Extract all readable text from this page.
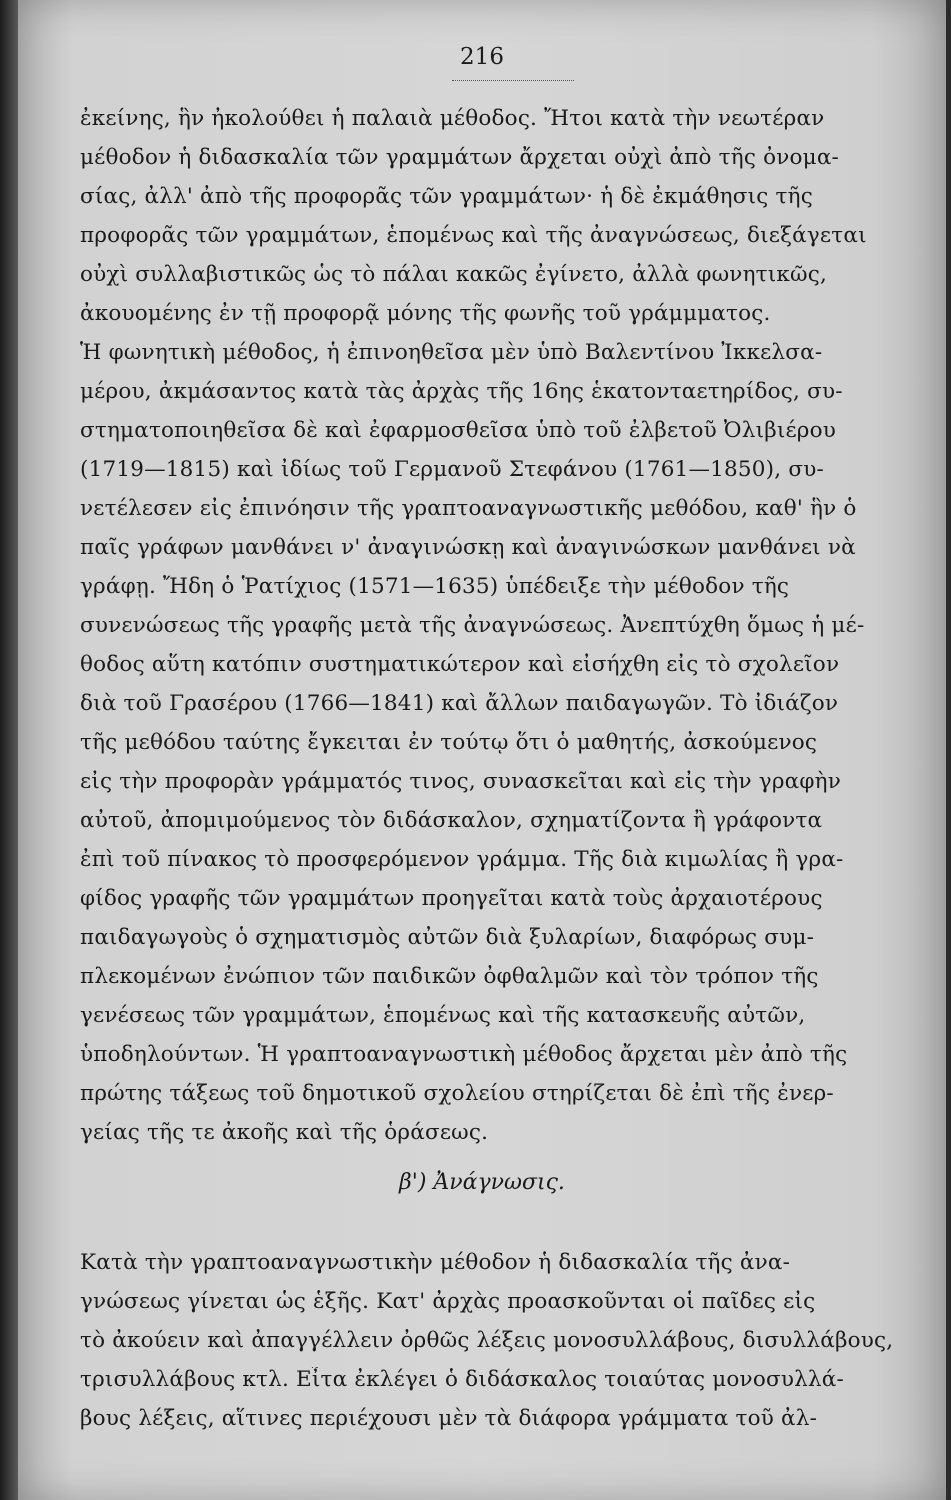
216
ἐκείνης, ἣν ἠκολούθει ἡ παλαιὰ μέθοδος. Ἤτοι κατὰ τὴν νεωτέραν
μέθοδον ἡ διδασκαλία τῶν γραμμάτων ἄρχεται οὐχὶ ἀπὸ τῆς ὀνομα-
σίας, ἀλλ' ἀπὸ τῆς προφορᾶς τῶν γραμμάτων· ἡ δὲ ἐκμάθησις τῆς
προφορᾶς τῶν γραμμάτων, ἑπομένως καὶ τῆς ἀναγνώσεως, διεξάγεται
οὐχὶ συλλαβιστικῶς ὡς τὸ πάλαι κακῶς ἐγίνετο, ἀλλὰ φωνητικῶς,
ἀκουομένης ἐν τῇ προφορᾷ μόνης τῆς φωνῆς τοῦ γράμμματος.
Ἡ φωνητικὴ μέθοδος, ἡ ἐπινοηθεῖσα μὲν ὑπὸ Βαλεντίνου Ἰκκελσα-
μέρου, ἀκμάσαντος κατὰ τὰς ἀρχὰς τῆς 16ης ἑκατονταετηρίδος, συ-
στηματοποιηθεῖσα δὲ καὶ ἐφαρμοσθεῖσα ὑπὸ τοῦ ἐλβετοῦ Ὀλιβιέρου
(1719—1815) καὶ ἰδίως τοῦ Γερμανοῦ Στεφάνου (1761—1850), συ-
νετέλεσεν εἰς ἐπινόησιν τῆς γραπτοαναγνωστικῆς μεθόδου, καθ' ἣν ὁ
παῖς γράφων μανθάνει ν' ἀναγινώσκῃ καὶ ἀναγινώσκων μανθάνει νὰ
γράφῃ. Ἤδη ὁ Ῥατίχιος (1571—1635) ὑπέδειξε τὴν μέθοδον τῆς
συνενώσεως τῆς γραφῆς μετὰ τῆς ἀναγνώσεως. Ἀνεπτύχθη ὅμως ἡ μέ-
θοδος αὕτη κατόπιν συστηματικώτερον καὶ εἰσήχθη εἰς τὸ σχολεῖον
διὰ τοῦ Γρασέρου (1766—1841) καὶ ἄλλων παιδαγωγῶν. Τὸ ἰδιάζον
τῆς μεθόδου ταύτης ἔγκειται ἐν τούτῳ ὅτι ὁ μαθητής, ἀσκούμενος
εἰς τὴν προφορὰν γράμματός τινος, συνασκεῖται καὶ εἰς τὴν γραφὴν
αὐτοῦ, ἀπομιμούμενος τὸν διδάσκαλον, σχηματίζοντα ἢ γράφοντα
ἐπὶ τοῦ πίνακος τὸ προσφερόμενον γράμμα. Τῆς διὰ κιμωλίας ἢ γρα-
φίδος γραφῆς τῶν γραμμάτων προηγεῖται κατὰ τοὺς ἀρχαιοτέρους
παιδαγωγοὺς ὁ σχηματισμὸς αὐτῶν διὰ ξυλαρίων, διαφόρως συμ-
πλεκομένων ἐνώπιον τῶν παιδικῶν ὀφθαλμῶν καὶ τὸν τρόπον τῆς
γενέσεως τῶν γραμμάτων, ἑπομένως καὶ τῆς κατασκευῆς αὐτῶν,
ὑποδηλούντων. Ἡ γραπτοαναγνωστικὴ μέθοδος ἄρχεται μὲν ἀπὸ τῆς
πρώτης τάξεως τοῦ δημοτικοῦ σχολείου στηρίζεται δὲ ἐπὶ τῆς ἐνερ-
γείας τῆς τε ἀκοῆς καὶ τῆς ὁράσεως.
β') Ἀνάγνωσις.
Κατὰ τὴν γραπτοαναγνωστικὴν μέθοδον ἡ διδασκαλία τῆς ἀνα-
γνώσεως γίνεται ὡς ἑξῆς. Κατ' ἀρχὰς προασκοῦνται οἱ παῖδες εἰς
τὸ ἀκούειν καὶ ἀπαγγέλλειν ὀρθῶς λέξεις μονοσυλλάβους, δισυλλάβους,
τρισυλλάβους κτλ. Εἶτα ἐκλέγει ὁ διδάσκαλος τοιαύτας μονοσυλλά-
βους λέξεις, αἵτινες περιέχουσι μὲν τὰ διάφορα γράμματα τοῦ ἀλ-
